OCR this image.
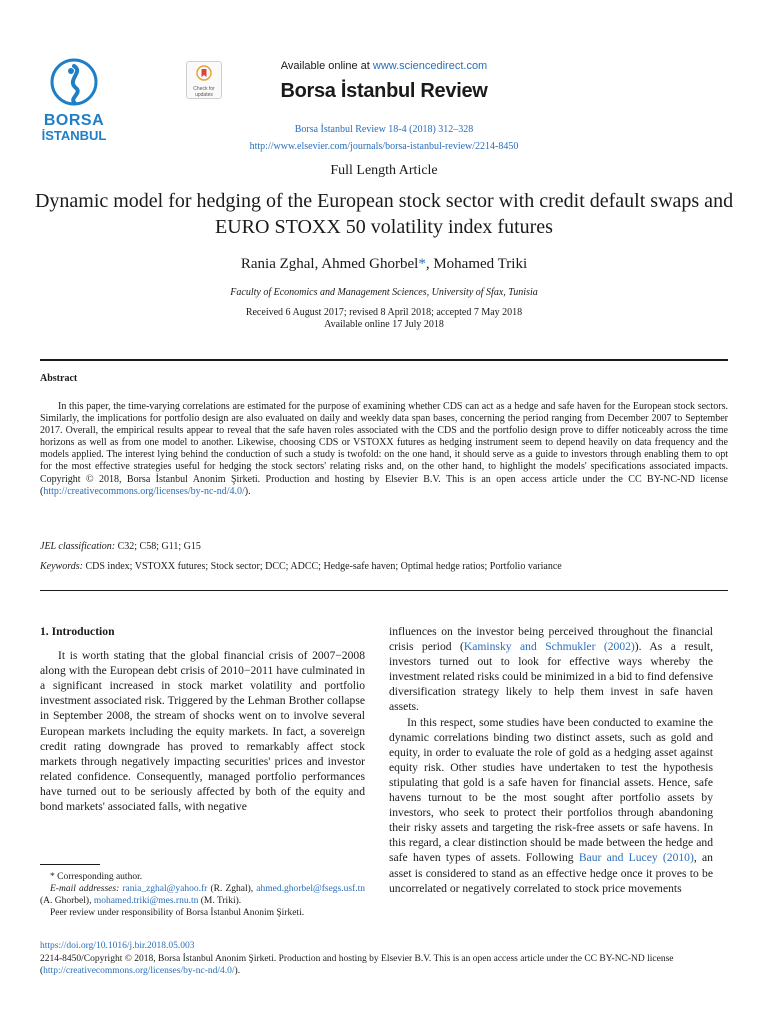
BORSA
İSTANBUL
Check for updates
Available online at www.sciencedirect.com
Borsa İstanbul Review
Borsa İstanbul Review 18-4 (2018) 312–328
http://www.elsevier.com/journals/borsa-istanbul-review/2214-8450
Full Length Article
Dynamic model for hedging of the European stock sector with credit default swaps and EURO STOXX 50 volatility index futures
Rania Zghal, Ahmed Ghorbel*, Mohamed Triki
Faculty of Economics and Management Sciences, University of Sfax, Tunisia
Received 6 August 2017; revised 8 April 2018; accepted 7 May 2018
Available online 17 July 2018
Abstract
In this paper, the time-varying correlations are estimated for the purpose of examining whether CDS can act as a hedge and safe haven for the European stock sectors. Similarly, the implications for portfolio design are also evaluated on daily and weekly data span bases, concerning the period ranging from December 2007 to September 2017. Overall, the empirical results appear to reveal that the safe haven roles associated with the CDS and the portfolio design prove to differ noticeably across the time horizons as well as from one model to another. Likewise, choosing CDS or VSTOXX futures as hedging instrument seem to depend heavily on data frequency and the models applied. The interest lying behind the conduction of such a study is twofold: on the one hand, it should serve as a guide to investors through enabling them to opt for the most effective strategies useful for hedging the stock sectors' relating risks and, on the other hand, to highlight the models' specifications associated impacts. Copyright © 2018, Borsa İstanbul Anonim Şirketi. Production and hosting by Elsevier B.V. This is an open access article under the CC BY-NC-ND license (http://creativecommons.org/licenses/by-nc-nd/4.0/).
JEL classification: C32; C58; G11; G15
Keywords: CDS index; VSTOXX futures; Stock sector; DCC; ADCC; Hedge-safe haven; Optimal hedge ratios; Portfolio variance
1. Introduction

It is worth stating that the global financial crisis of 2007−2008 along with the European debt crisis of 2010−2011 have culminated in a significant increased in stock market volatility and portfolio investment associated risk. Triggered by the Lehman Brother collapse in September 2008, the stream of shocks went on to involve several European markets including the equity markets. In fact, a sovereign credit rating downgrade has proved to remarkably affect stock markets through negatively impacting securities' prices and investor related confidence. Consequently, managed portfolio performances have turned out to be seriously affected by both of the equity and bond markets' associated falls, with negative

influences on the investor being perceived throughout the financial crisis period (Kaminsky and Schmukler (2002)). As a result, investors turned out to look for effective ways whereby the investment related risks could be minimized in a bid to find defensive diversification strategy likely to help them invest in safe haven assets.

In this respect, some studies have been conducted to examine the dynamic correlations binding two distinct assets, such as gold and equity, in order to evaluate the role of gold as a hedging asset against equity risk. Other studies have undertaken to test the hypothesis stipulating that gold is a safe haven for financial assets. Hence, safe havens turnout to be the most sought after portfolio assets by investors, who seek to protect their portfolios through abandoning their risky assets and targeting the risk-free assets or safe havens. In this regard, a clear distinction should be made between the hedge and safe haven types of assets. Following Baur and Lucey (2010), an asset is considered to stand as an effective hedge once it proves to be uncorrelated or negatively correlated to stock price movements

* Corresponding author.
E-mail addresses: rania_zghal@yahoo.fr (R. Zghal), ahmed.ghorbel@fsegs.usf.tn (A. Ghorbel), mohamed.triki@mes.rnu.tn (M. Triki).
Peer review under responsibility of Borsa İstanbul Anonim Şirketi.
https://doi.org/10.1016/j.bir.2018.05.003
2214-8450/Copyright © 2018, Borsa İstanbul Anonim Şirketi. Production and hosting by Elsevier B.V. This is an open access article under the CC BY-NC-ND license (http://creativecommons.org/licenses/by-nc-nd/4.0/).
